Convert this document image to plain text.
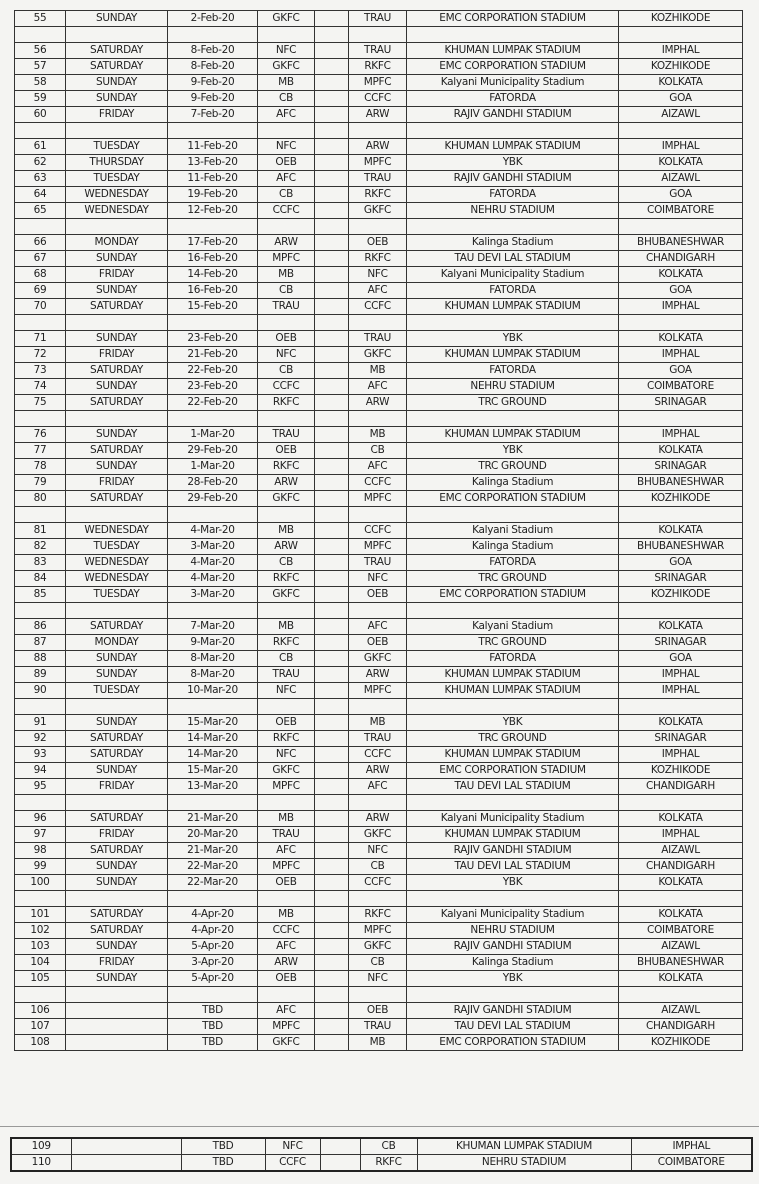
55	SUNDAY	2-Feb-20	GKFC		TRAU	EMC CORPORATION STADIUM	KOZHIKODE

56	SATURDAY	8-Feb-20	NFC		TRAU	KHUMAN LUMPAK STADIUM	IMPHAL
57	SATURDAY	8-Feb-20	GKFC		RKFC	EMC CORPORATION STADIUM	KOZHIKODE
58	SUNDAY	9-Feb-20	MB		MPFC	Kalyani Municipality Stadium	KOLKATA
59	SUNDAY	9-Feb-20	CB		CCFC	FATORDA	GOA
60	FRIDAY	7-Feb-20	AFC		ARW	RAJIV GANDHI STADIUM	AIZAWL

61	TUESDAY	11-Feb-20	NFC		ARW	KHUMAN LUMPAK STADIUM	IMPHAL
62	THURSDAY	13-Feb-20	OEB		MPFC	YBK	KOLKATA
63	TUESDAY	11-Feb-20	AFC		TRAU	RAJIV GANDHI STADIUM	AIZAWL
64	WEDNESDAY	19-Feb-20	CB		RKFC	FATORDA	GOA
65	WEDNESDAY	12-Feb-20	CCFC		GKFC	NEHRU STADIUM	COIMBATORE

66	MONDAY	17-Feb-20	ARW		OEB	Kalinga Stadium	BHUBANESHWAR
67	SUNDAY	16-Feb-20	MPFC		RKFC	TAU DEVI LAL STADIUM	CHANDIGARH
68	FRIDAY	14-Feb-20	MB		NFC	Kalyani Municipality Stadium	KOLKATA
69	SUNDAY	16-Feb-20	CB		AFC	FATORDA	GOA
70	SATURDAY	15-Feb-20	TRAU		CCFC	KHUMAN LUMPAK STADIUM	IMPHAL

71	SUNDAY	23-Feb-20	OEB		TRAU	YBK	KOLKATA
72	FRIDAY	21-Feb-20	NFC		GKFC	KHUMAN LUMPAK STADIUM	IMPHAL
73	SATURDAY	22-Feb-20	CB		MB	FATORDA	GOA
74	SUNDAY	23-Feb-20	CCFC		AFC	NEHRU STADIUM	COIMBATORE
75	SATURDAY	22-Feb-20	RKFC		ARW	TRC GROUND	SRINAGAR

76	SUNDAY	1-Mar-20	TRAU		MB	KHUMAN LUMPAK STADIUM	IMPHAL
77	SATURDAY	29-Feb-20	OEB		CB	YBK	KOLKATA
78	SUNDAY	1-Mar-20	RKFC		AFC	TRC GROUND	SRINAGAR
79	FRIDAY	28-Feb-20	ARW		CCFC	Kalinga Stadium	BHUBANESHWAR
80	SATURDAY	29-Feb-20	GKFC		MPFC	EMC CORPORATION STADIUM	KOZHIKODE

81	WEDNESDAY	4-Mar-20	MB		CCFC	Kalyani Stadium	KOLKATA
82	TUESDAY	3-Mar-20	ARW		MPFC	Kalinga Stadium	BHUBANESHWAR
83	WEDNESDAY	4-Mar-20	CB		TRAU	FATORDA	GOA
84	WEDNESDAY	4-Mar-20	RKFC		NFC	TRC GROUND	SRINAGAR
85	TUESDAY	3-Mar-20	GKFC		OEB	EMC CORPORATION STADIUM	KOZHIKODE

86	SATURDAY	7-Mar-20	MB		AFC	Kalyani Stadium	KOLKATA
87	MONDAY	9-Mar-20	RKFC		OEB	TRC GROUND	SRINAGAR
88	SUNDAY	8-Mar-20	CB		GKFC	FATORDA	GOA
89	SUNDAY	8-Mar-20	TRAU		ARW	KHUMAN LUMPAK STADIUM	IMPHAL
90	TUESDAY	10-Mar-20	NFC		MPFC	KHUMAN LUMPAK STADIUM	IMPHAL

91	SUNDAY	15-Mar-20	OEB		MB	YBK	KOLKATA
92	SATURDAY	14-Mar-20	RKFC		TRAU	TRC GROUND	SRINAGAR
93	SATURDAY	14-Mar-20	NFC		CCFC	KHUMAN LUMPAK STADIUM	IMPHAL
94	SUNDAY	15-Mar-20	GKFC		ARW	EMC CORPORATION STADIUM	KOZHIKODE
95	FRIDAY	13-Mar-20	MPFC		AFC	TAU DEVI LAL STADIUM	CHANDIGARH

96	SATURDAY	21-Mar-20	MB		ARW	Kalyani Municipality Stadium	KOLKATA
97	FRIDAY	20-Mar-20	TRAU		GKFC	KHUMAN LUMPAK STADIUM	IMPHAL
98	SATURDAY	21-Mar-20	AFC		NFC	RAJIV GANDHI STADIUM	AIZAWL
99	SUNDAY	22-Mar-20	MPFC		CB	TAU DEVI LAL STADIUM	CHANDIGARH
100	SUNDAY	22-Mar-20	OEB		CCFC	YBK	KOLKATA

101	SATURDAY	4-Apr-20	MB		RKFC	Kalyani Municipality Stadium	KOLKATA
102	SATURDAY	4-Apr-20	CCFC		MPFC	NEHRU STADIUM	COIMBATORE
103	SUNDAY	5-Apr-20	AFC		GKFC	RAJIV GANDHI STADIUM	AIZAWL
104	FRIDAY	3-Apr-20	ARW		CB	Kalinga Stadium	BHUBANESHWAR
105	SUNDAY	5-Apr-20	OEB		NFC	YBK	KOLKATA

106		TBD	AFC		OEB	RAJIV GANDHI STADIUM	AIZAWL
107		TBD	MPFC		TRAU	TAU DEVI LAL STADIUM	CHANDIGARH
108		TBD	GKFC		MB	EMC CORPORATION STADIUM	KOZHIKODE
109		TBD	NFC		CB	KHUMAN LUMPAK STADIUM	IMPHAL
110		TBD	CCFC		RKFC	NEHRU STADIUM	COIMBATORE
